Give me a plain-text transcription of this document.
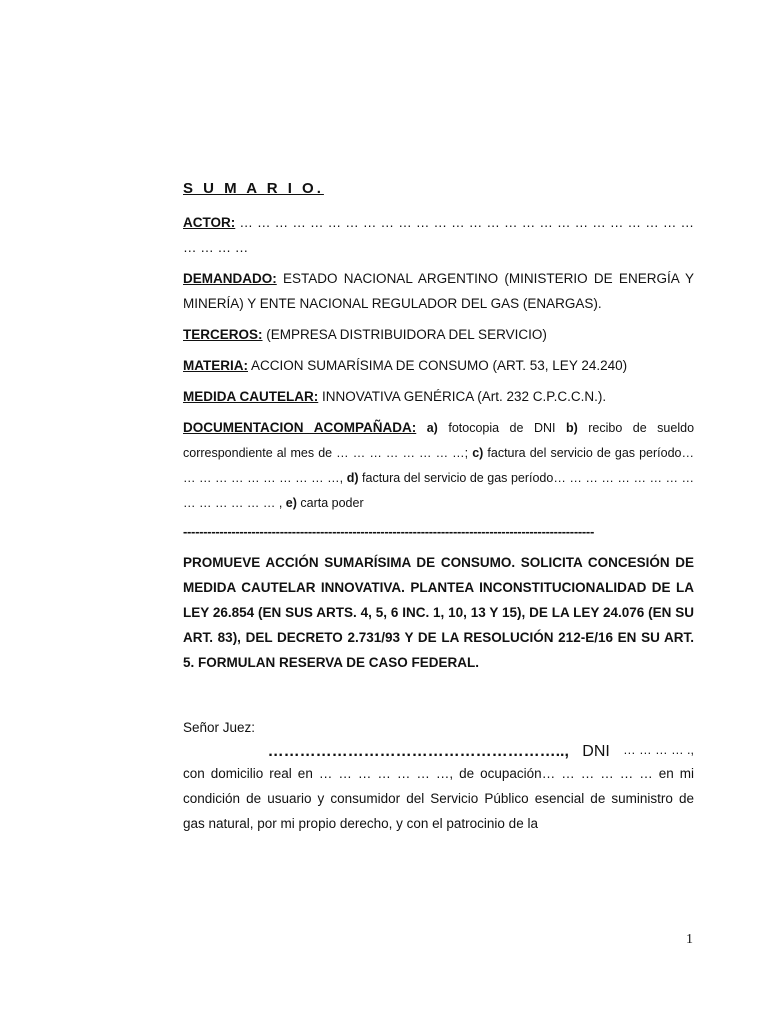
S U M A R I O.

ACTOR: … … … … … … … … … … … … … … … … … … … … … … … … … … … … … …

DEMANDADO: ESTADO NACIONAL ARGENTINO (MINISTERIO DE ENERGÍA Y MINERÍA) Y ENTE NACIONAL REGULADOR DEL GAS (ENARGAS).

TERCEROS: (EMPRESA DISTRIBUIDORA DEL SERVICIO)

MATERIA: ACCION SUMARÍSIMA DE CONSUMO (ART. 53, LEY 24.240)

MEDIDA CAUTELAR: INNOVATIVA GENÉRICA (Art. 232 C.P.C.C.N.).

DOCUMENTACION ACOMPAÑADA: a) fotocopia de DNI b) recibo de sueldo correspondiente al mes de … … … … … … … …; c) factura del servicio de gas período… … … … … … … … … … …, d) factura del servicio de gas período… … … … … … … … … … … … … … … , e) carta poder

------------------------------------------------------------------------------------------------------

PROMUEVE ACCIÓN SUMARÍSIMA DE CONSUMO. SOLICITA CONCESIÓN DE MEDIDA CAUTELAR INNOVATIVA. PLANTEA INCONSTITUCIONALIDAD DE LA LEY 26.854 (EN SUS ARTS. 4, 5, 6 INC. 1, 10, 13 Y 15), DE LA LEY 24.076 (EN SU ART. 83), DEL DECRETO 2.731/93 Y DE LA RESOLUCIÓN 212-E/16 EN SU ART. 5. FORMULAN RESERVA DE CASO FEDERAL.

Señor Juez:

……………………………………………….., DNI … … … … .,

con domicilio real en … … … … … … …, de ocupación… … … … … … en mi condición de usuario y consumidor del Servicio Público esencial de suministro de gas natural, por mi propio derecho, y con el patrocinio de la

1
